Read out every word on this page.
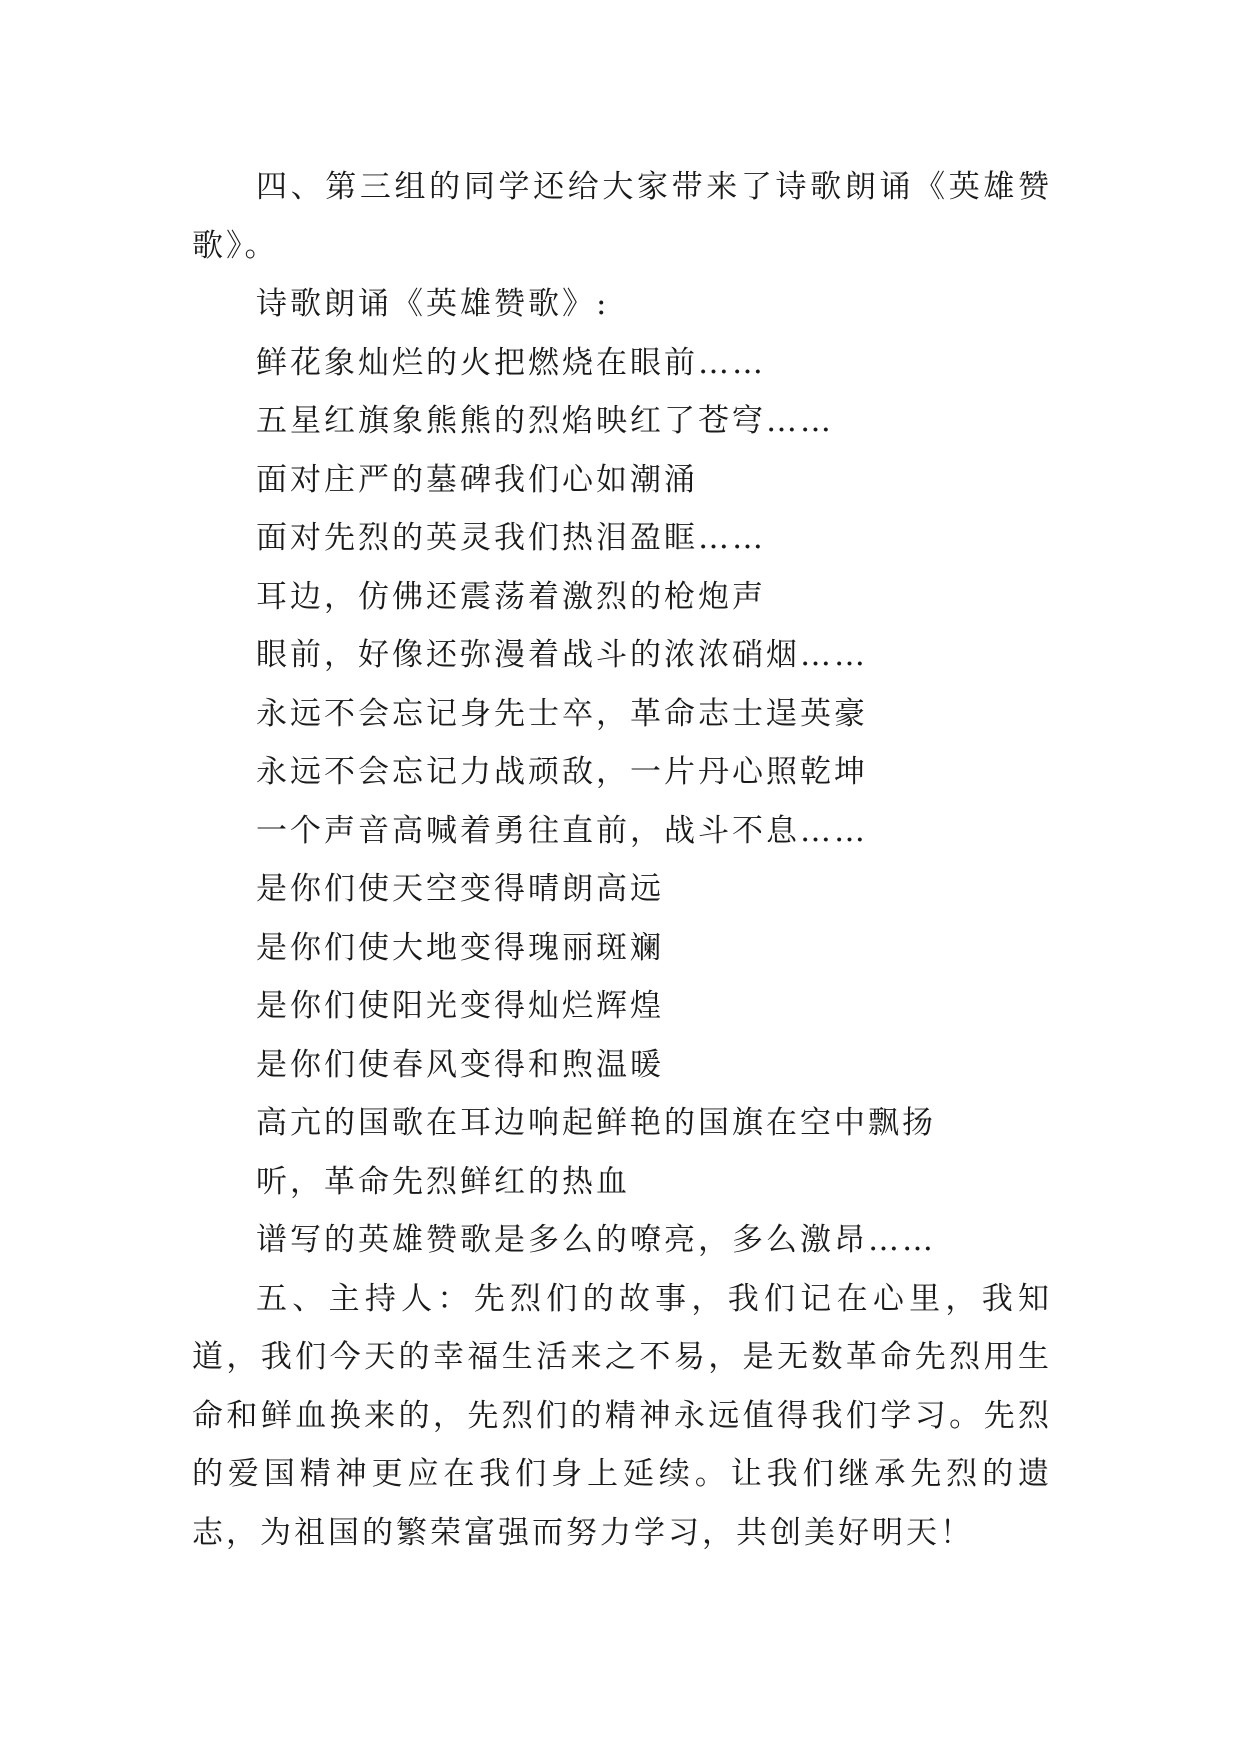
四、第三组的同学还给大家带来了诗歌朗诵《英雄赞歌》。

诗歌朗诵《英雄赞歌》:

鲜花象灿烂的火把燃烧在眼前……

五星红旗象熊熊的烈焰映红了苍穹……

面对庄严的墓碑我们心如潮涌

面对先烈的英灵我们热泪盈眶……

耳边，仿佛还震荡着激烈的枪炮声

眼前，好像还弥漫着战斗的浓浓硝烟……

永远不会忘记身先士卒，革命志士逞英豪

永远不会忘记力战顽敌，一片丹心照乾坤

一个声音高喊着勇往直前，战斗不息……

是你们使天空变得晴朗高远

是你们使大地变得瑰丽斑斓

是你们使阳光变得灿烂辉煌

是你们使春风变得和煦温暖

高亢的国歌在耳边响起鲜艳的国旗在空中飘扬

听，革命先烈鲜红的热血

谱写的英雄赞歌是多么的嘹亮，多么激昂……

五、主持人：先烈们的故事，我们记在心里，我知道，我们今天的幸福生活来之不易，是无数革命先烈用生命和鲜血换来的，先烈们的精神永远值得我们学习。先烈的爱国精神更应在我们身上延续。让我们继承先烈的遗志，为祖国的繁荣富强而努力学习，共创美好明天！
